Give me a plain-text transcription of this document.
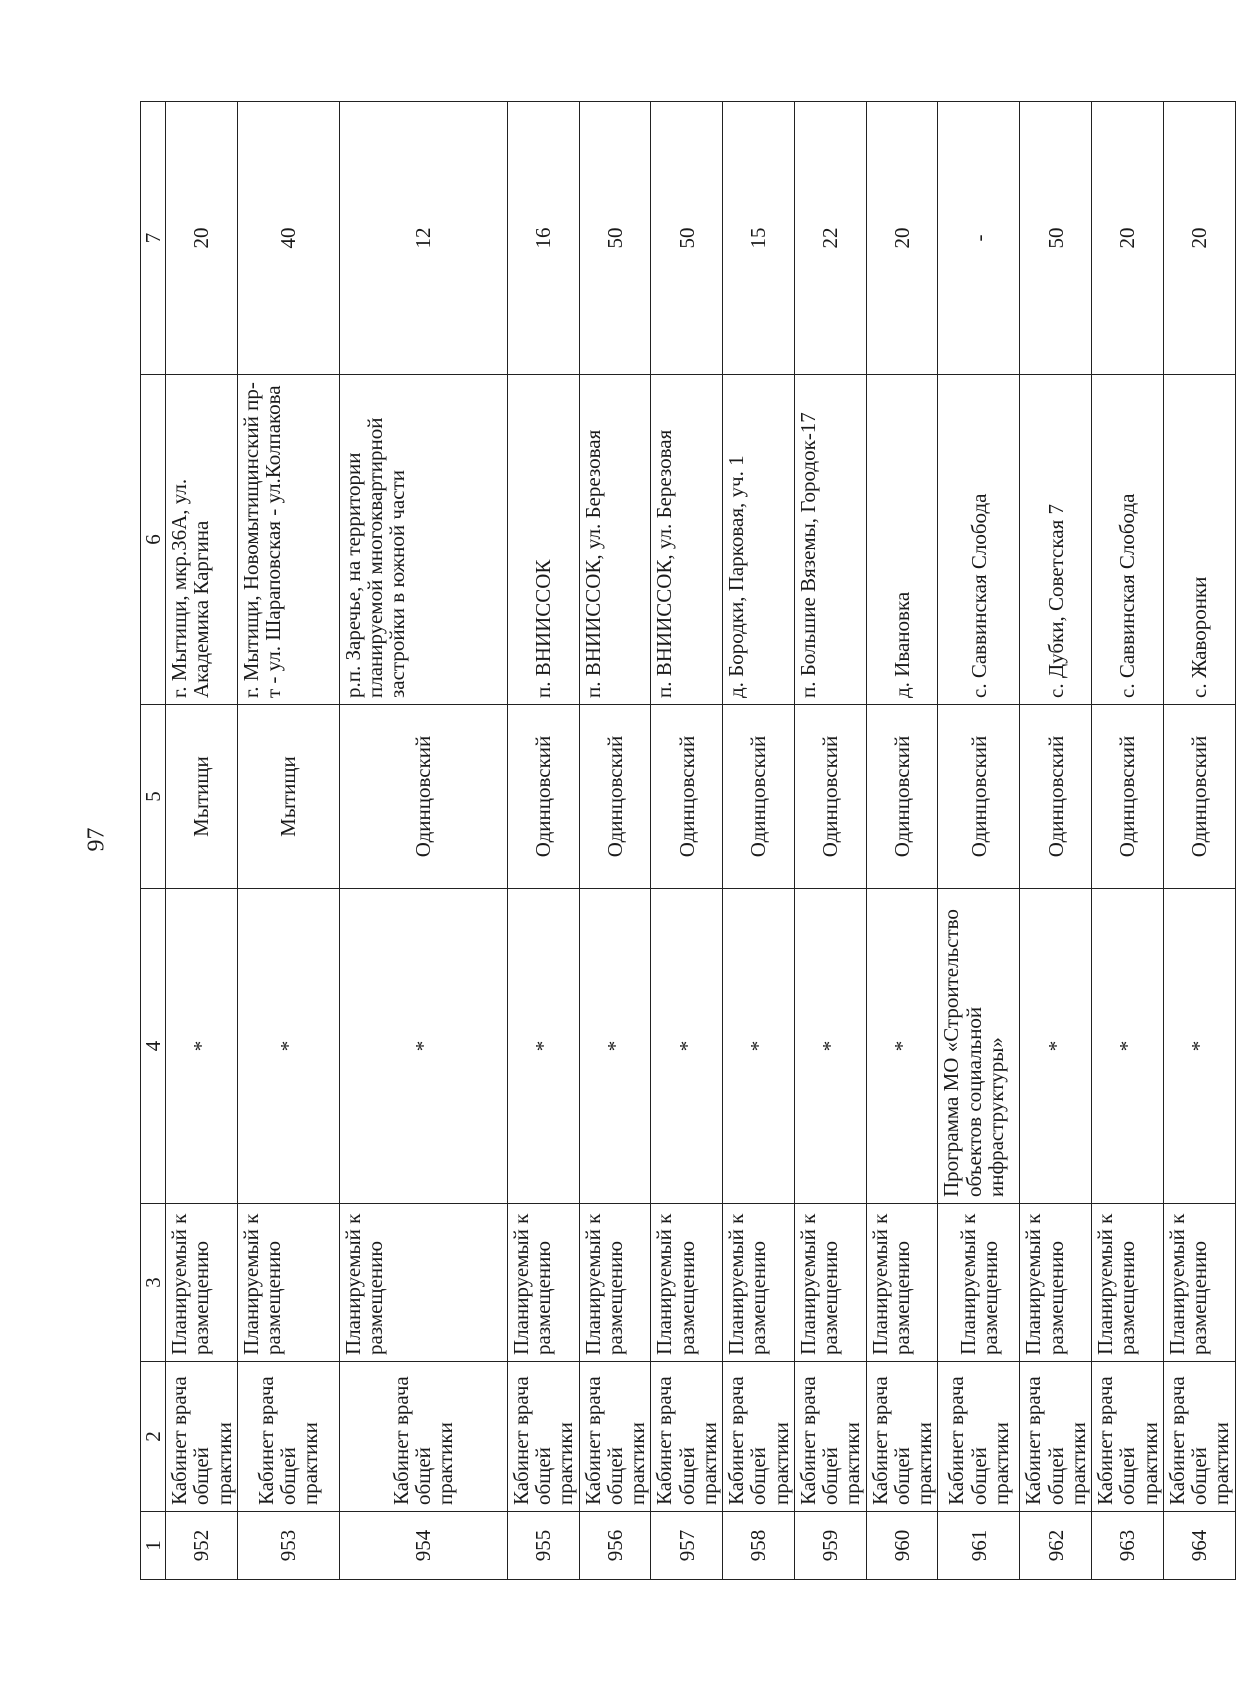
97
1	2	3	4	5	6	7
952	Кабинет врача общей практики	Планируемый к размещению	*	Мытищи	г. Мытищи, мкр.36А, ул. Академика Каргина	20
953	Кабинет врача общей практики	Планируемый к размещению	*	Мытищи	г. Мытищи, Новомытищинский пр-т - ул. Шараповская - ул.Колпакова	40
954	Кабинет врача общей практики	Планируемый к размещению	*	Одинцовский	р.п. Заречье, на территории планируемой многоквартирной застройки в южной части	12
955	Кабинет врача общей практики	Планируемый к размещению	*	Одинцовский	п. ВНИИССОК	16
956	Кабинет врача общей практики	Планируемый к размещению	*	Одинцовский	п. ВНИИССОК, ул. Березовая	50
957	Кабинет врача общей практики	Планируемый к размещению	*	Одинцовский	п. ВНИИССОК, ул. Березовая	50
958	Кабинет врача общей практики	Планируемый к размещению	*	Одинцовский	д. Бородки, Парковая, уч. 1	15
959	Кабинет врача общей практики	Планируемый к размещению	*	Одинцовский	п. Большие Вяземы, Городок-17	22
960	Кабинет врача общей практики	Планируемый к размещению	*	Одинцовский	д. Ивановка	20
961	Кабинет врача общей практики	Планируемый к размещению	Программа МО «Строительство объектов социальной инфраструктуры»	Одинцовский	с. Саввинская Слобода	-
962	Кабинет врача общей практики	Планируемый к размещению	*	Одинцовский	с. Дубки, Советская 7	50
963	Кабинет врача общей практики	Планируемый к размещению	*	Одинцовский	с. Саввинская Слобода	20
964	Кабинет врача общей практики	Планируемый к размещению	*	Одинцовский	с. Жаворонки	20
